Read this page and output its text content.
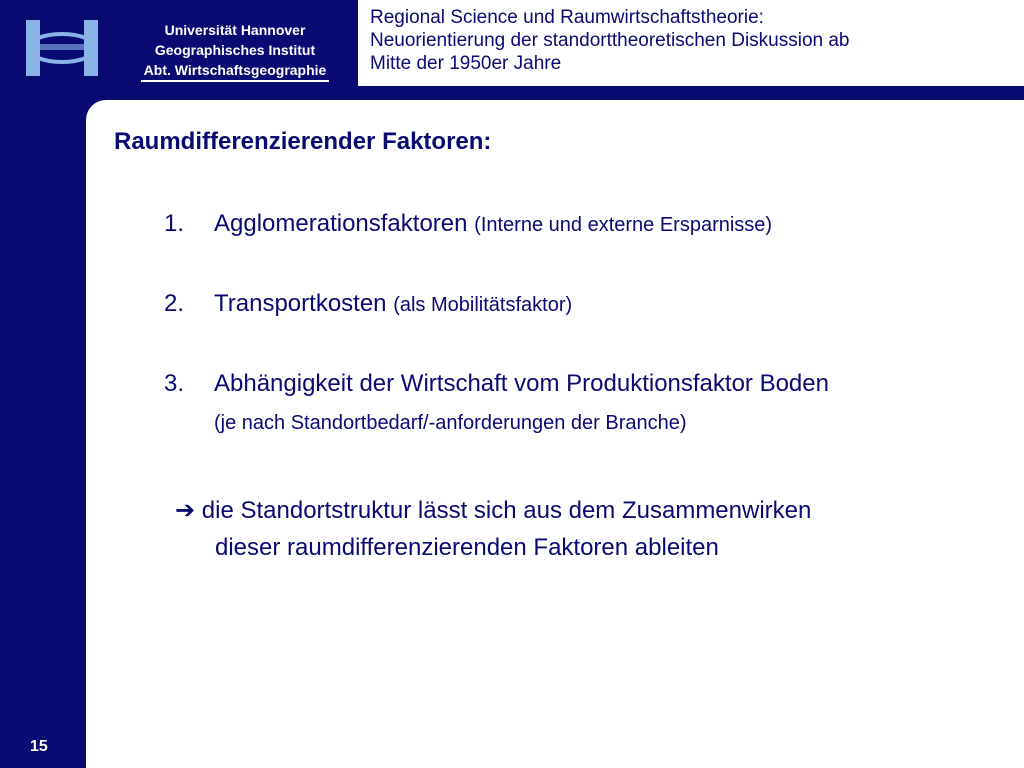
Universität Hannover
Geographisches Institut
Abt. Wirtschaftsgeographie
Regional Science und Raumwirtschaftstheorie:
Neuorientierung der standorttheoretischen Diskussion ab
Mitte der 1950er Jahre
Raumdifferenzierender Faktoren:
1. Agglomerationsfaktoren (Interne und externe Ersparnisse)
2. Transportkosten (als Mobilitätsfaktor)
3. Abhängigkeit der Wirtschaft vom Produktionsfaktor Boden
(je nach Standortbedarf/-anforderungen der Branche)
➔ die Standortstruktur lässt sich aus dem Zusammenwirken
dieser raumdifferenzierenden Faktoren ableiten
15
